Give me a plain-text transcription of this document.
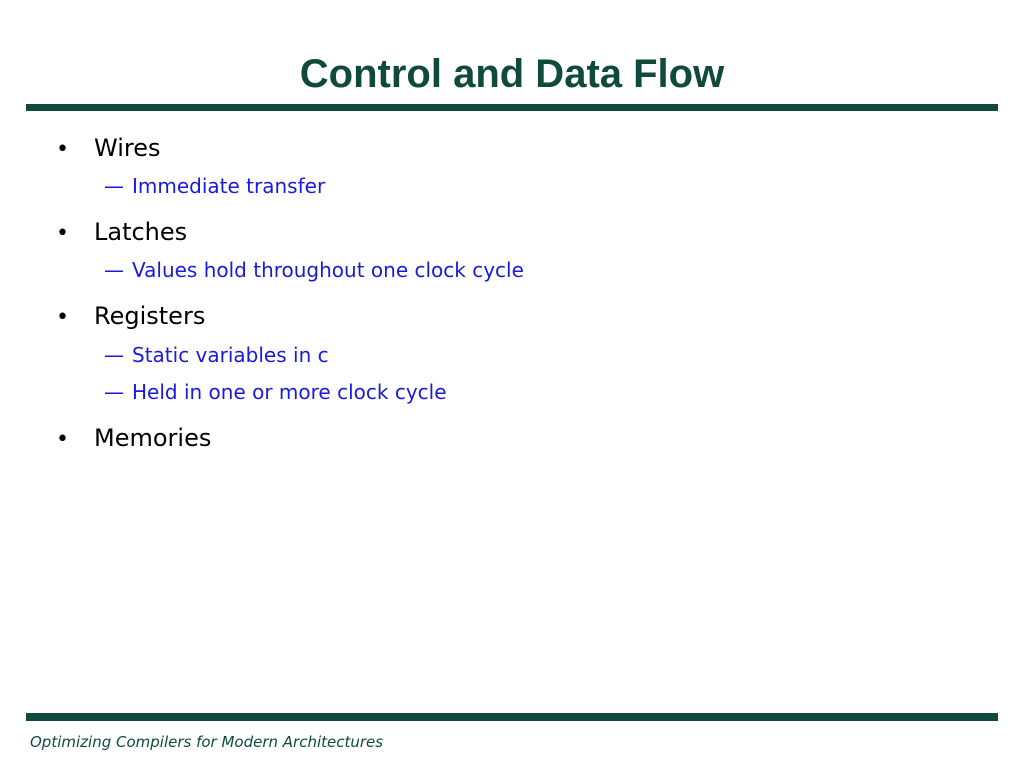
Control and Data Flow
• Wires
— Immediate transfer
• Latches
— Values hold throughout one clock cycle
• Registers
— Static variables in c
— Held in one or more clock cycle
• Memories
Optimizing Compilers for Modern Architectures
